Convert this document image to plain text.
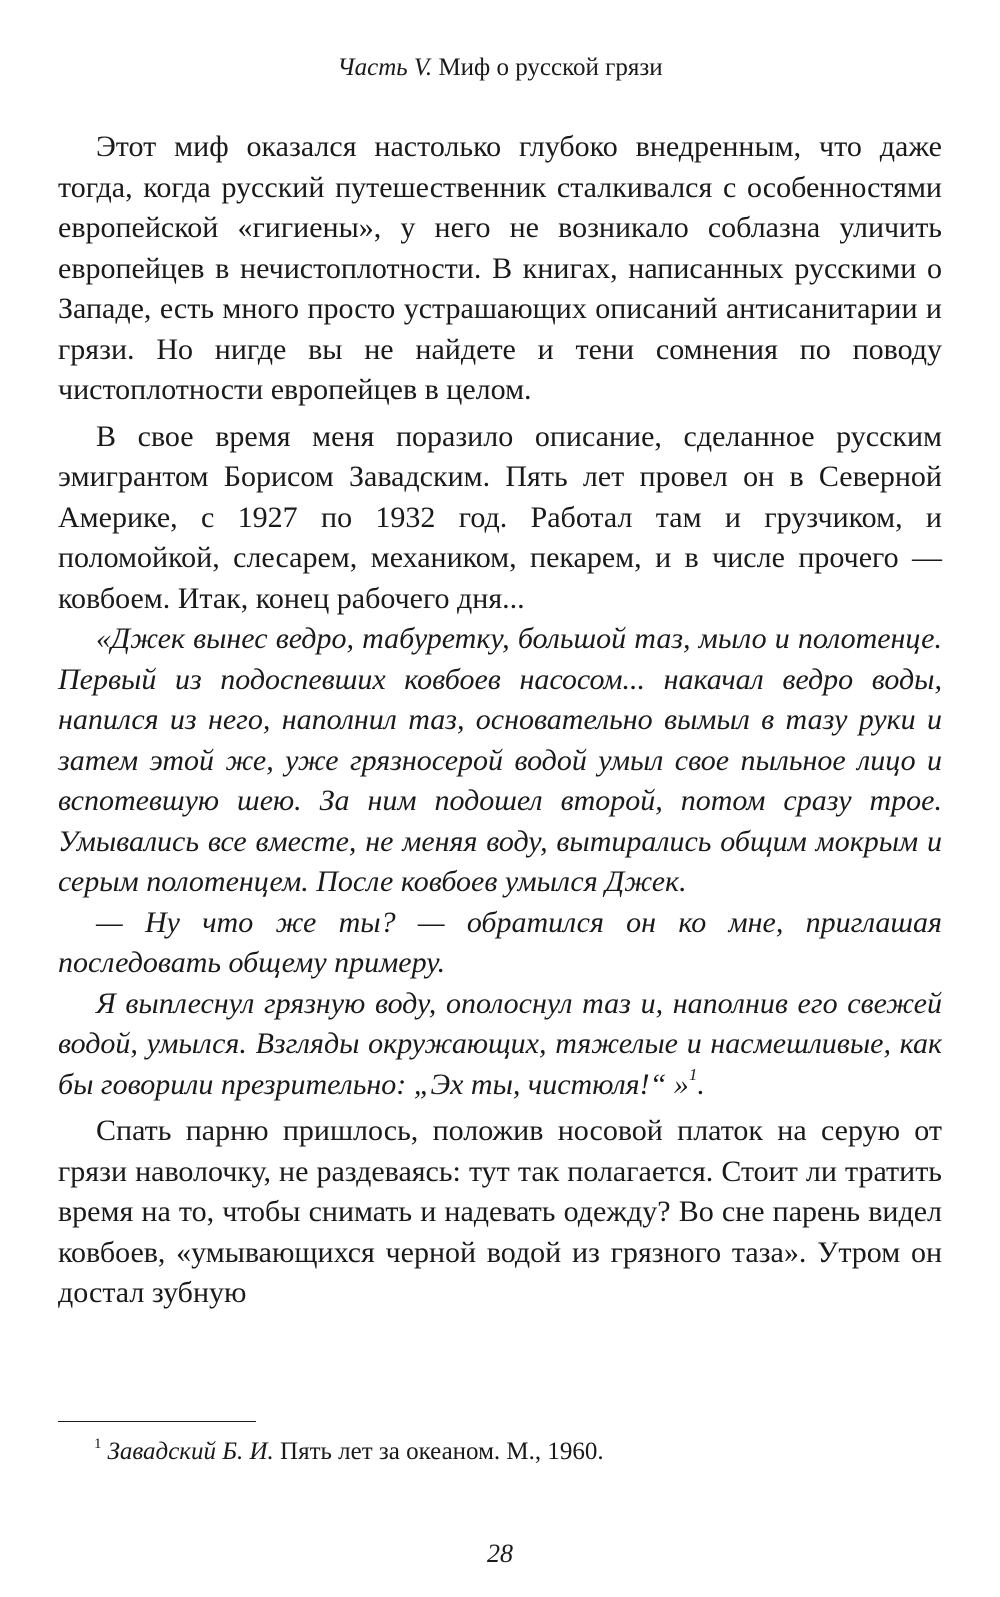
Часть V. Миф о русской грязи

Этот миф оказался настолько глубоко внедренным, что даже тогда, когда русский путешественник сталкивался с особенностями европейской «гигиены», у него не возникало соблазна уличить европейцев в нечистоплотности. В книгах, написанных русскими о Западе, есть много просто устрашающих описаний антисанитарии и грязи. Но нигде вы не найдете и тени сомнения по поводу чистоплотности европейцев в целом.

В свое время меня поразило описание, сделанное русским эмигрантом Борисом Завадским. Пять лет провел он в Северной Америке, с 1927 по 1932 год. Работал там и грузчиком, и поломойкой, слесарем, механиком, пекарем, и в числе прочего — ковбоем. Итак, конец рабочего дня...

«Джек вынес ведро, табуретку, большой таз, мыло и полотенце. Первый из подоспевших ковбоев насосом... накачал ведро воды, напился из него, наполнил таз, основательно вымыл в тазу руки и затем этой же, уже грязносерой водой умыл свое пыльное лицо и вспотевшую шею. За ним подошел второй, потом сразу трое. Умывались все вместе, не меняя воду, вытирались общим мокрым и серым полотенцем. После ковбоев умылся Джек.

— Ну что же ты? — обратился он ко мне, приглашая последовать общему примеру.

Я выплеснул грязную воду, ополоснул таз и, наполнив его свежей водой, умылся. Взгляды окружающих, тяжелые и насмешливые, как бы говорили презрительно: „Эх ты, чистюля!“ »$^1$.

Спать парню пришлось, положив носовой платок на серую от грязи наволочку, не раздеваясь: тут так полагается. Стоит ли тратить время на то, чтобы снимать и надевать одежду? Во сне парень видел ковбоев, «умывающихся черной водой из грязного таза». Утром он достал зубную

$^1$ Завадский Б. И. Пять лет за океаном. М., 1960.
28
